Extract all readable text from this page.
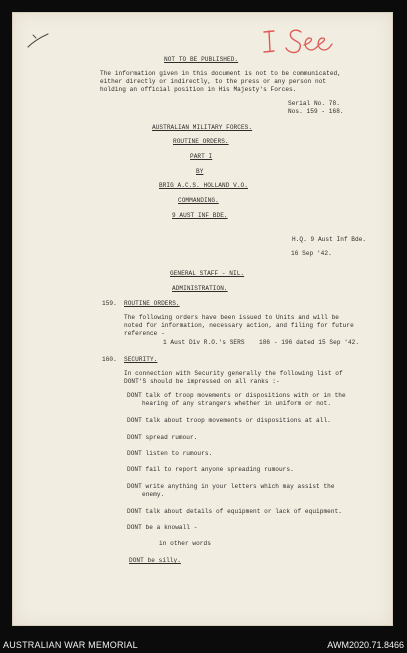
NOT TO BE PUBLISHED.
The information given in this document is not to be communicated,
either directly or indirectly, to the press or any person not
holding an official position in His Majesty's Forces.
Serial No. 78.
Nos. 159 - 168.
AUSTRALIAN MILITARY FORCES.
ROUTINE ORDERS.
PART I
BY
BRIG A.C.S. HOLLAND V.O.
COMMANDING.
9 AUST INF BDE.
H.Q. 9 Aust Inf Bde.
16 Sep '42.
GENERAL STAFF - NIL.
ADMINISTRATION.
159. ROUTINE ORDERS.
The following orders have been issued to Units and will be
noted for information, necessary action, and filing for future
reference -
1 Aust Div R.O.'s SERS 186 - 196 dated 15 Sep '42.
160. SECURITY.
In connection with Security generally the following list of
DONT'S should be impressed on all ranks :-
DONT talk of troop movements or dispositions with or in the
hearing of any strangers whether in uniform or not.
DONT talk about troop movements or dispositions at all.
DONT spread rumour.
DONT listen to rumours.
DONT fail to report anyone spreading rumours.
DONT write anything in your letters which may assist the
enemy.
DONT talk about details of equipment or lack of equipment.
DONT be a knowall -
in other words
DONT be silly.
AUSTRALIAN WAR MEMORIAL	AWM2020.71.8466
